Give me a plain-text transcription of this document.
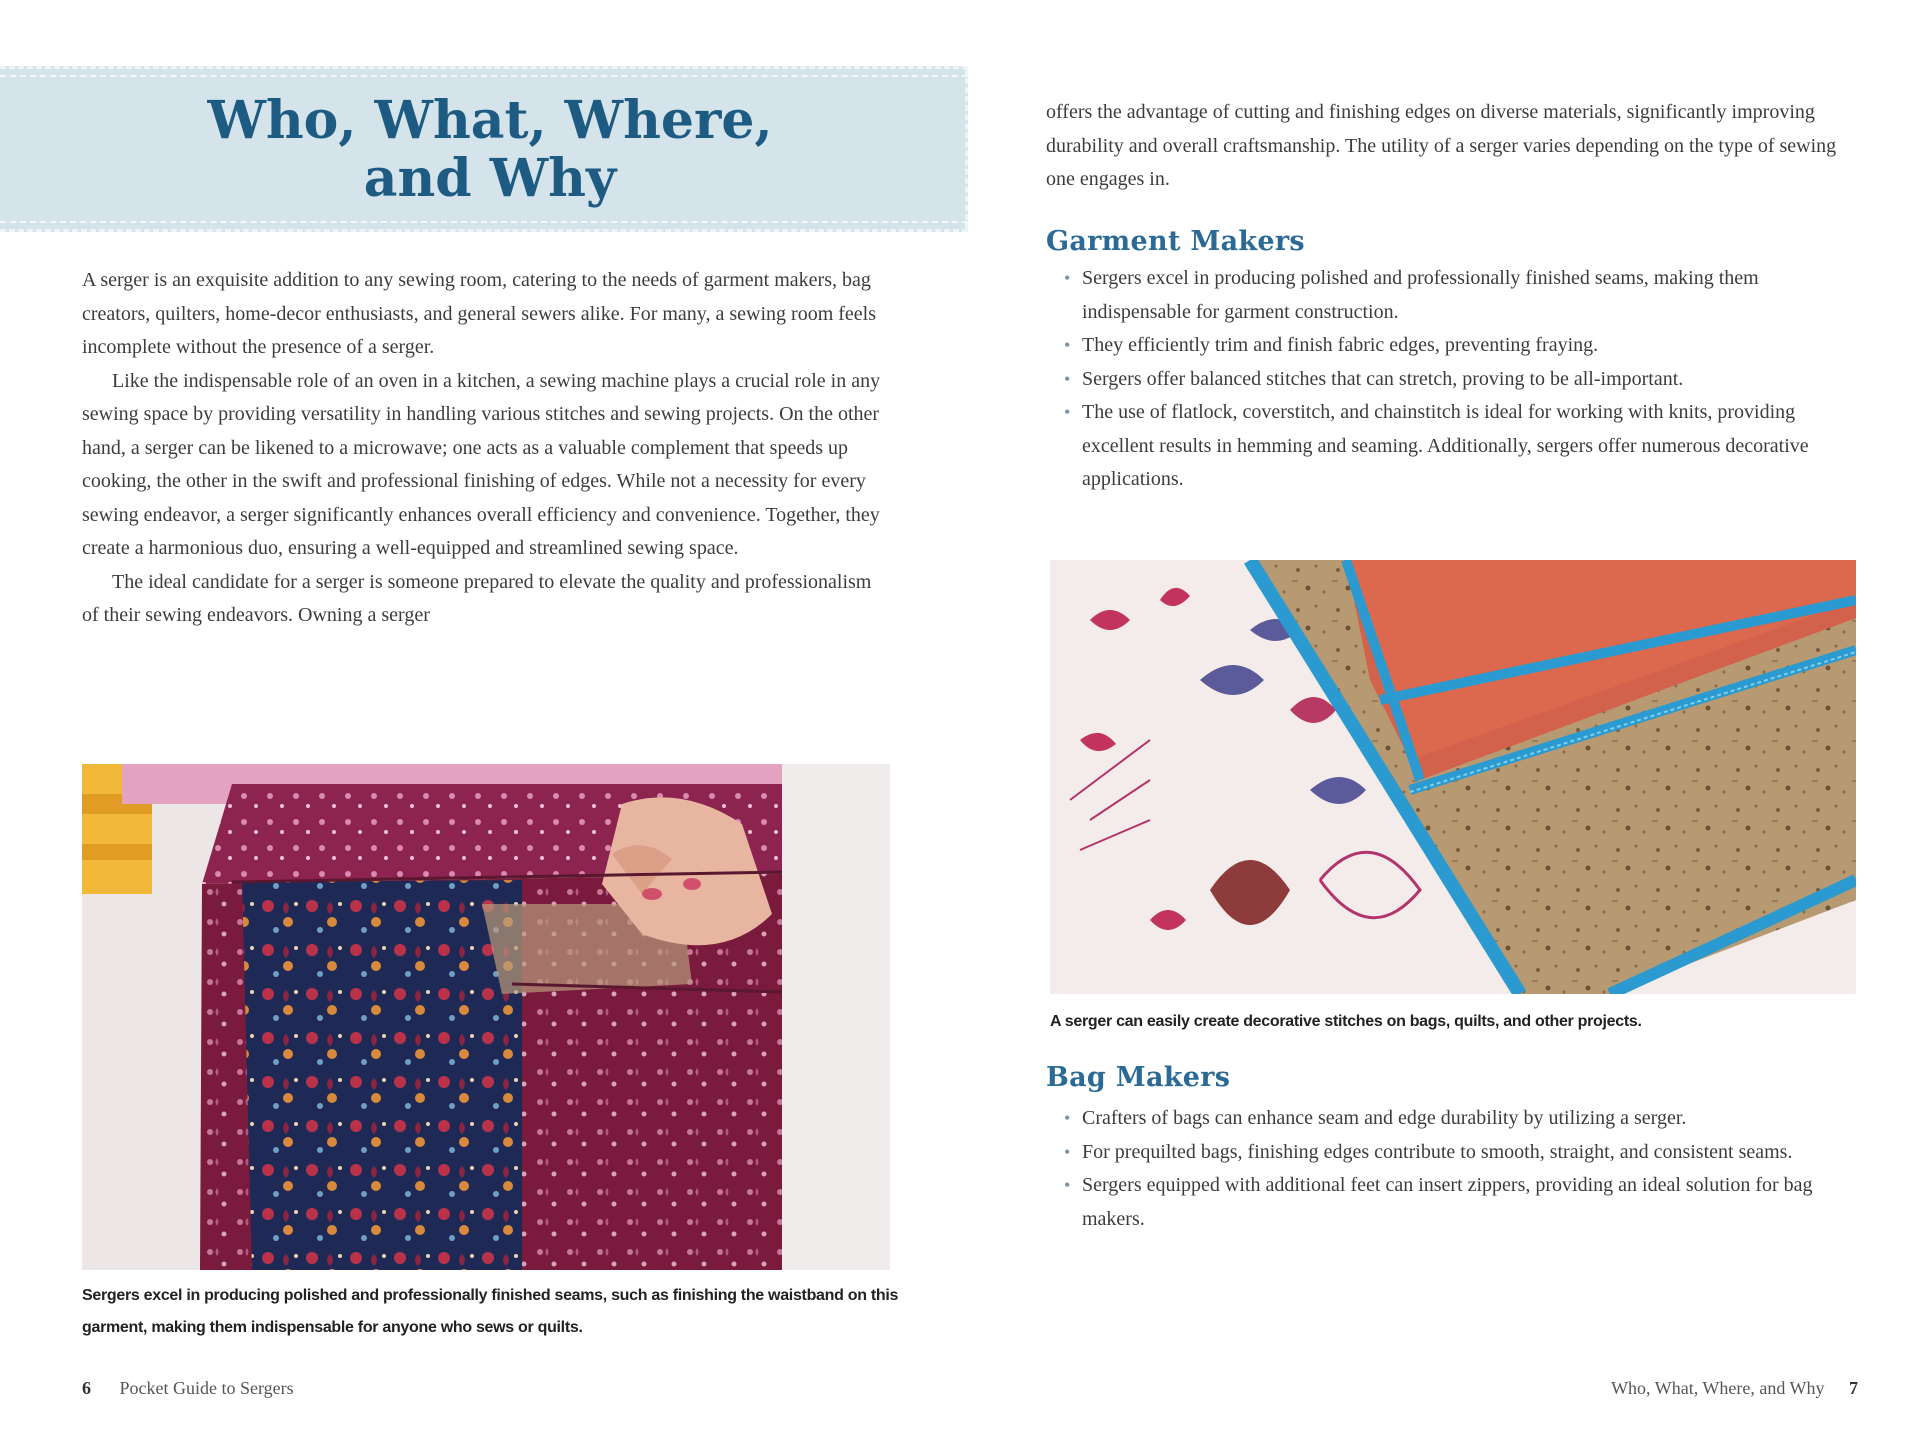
Who, What, Where,
and Why

A serger is an exquisite addition to any sewing room, catering to the needs of garment makers, bag creators, quilters, home-decor enthusiasts, and general sewers alike. For many, a sewing room feels incomplete without the presence of a serger.

Like the indispensable role of an oven in a kitchen, a sewing machine plays a crucial role in any sewing space by providing versatility in handling various stitches and sewing projects. On the other hand, a serger can be likened to a microwave; one acts as a valuable complement that speeds up cooking, the other in the swift and professional finishing of edges. While not a necessity for every sewing endeavor, a serger significantly enhances overall efficiency and convenience. Together, they create a harmonious duo, ensuring a well-equipped and streamlined sewing space.

The ideal candidate for a serger is someone prepared to elevate the quality and professionalism of their sewing endeavors. Owning a serger

Sergers excel in producing polished and professionally finished seams, such as finishing the waistband on this garment, making them indispensable for anyone who sews or quilts.
6 Pocket Guide to Sergers

offers the advantage of cutting and finishing edges on diverse materials, significantly improving durability and overall craftsmanship. The utility of a serger varies depending on the type of sewing one engages in.

Garment Makers
• Sergers excel in producing polished and professionally finished seams, making them indispensable for garment construction.
• They efficiently trim and finish fabric edges, preventing fraying.
• Sergers offer balanced stitches that can stretch, proving to be all-important.
• The use of flatlock, coverstitch, and chainstitch is ideal for working with knits, providing excellent results in hemming and seaming. Additionally, sergers offer numerous decorative applications.
A serger can easily create decorative stitches on bags, quilts, and other projects.
Bag Makers
• Crafters of bags can enhance seam and edge durability by utilizing a serger.
• For prequilted bags, finishing edges contribute to smooth, straight, and consistent seams.
• Sergers equipped with additional feet can insert zippers, providing an ideal solution for bag makers.
Who, What, Where, and Why 7
